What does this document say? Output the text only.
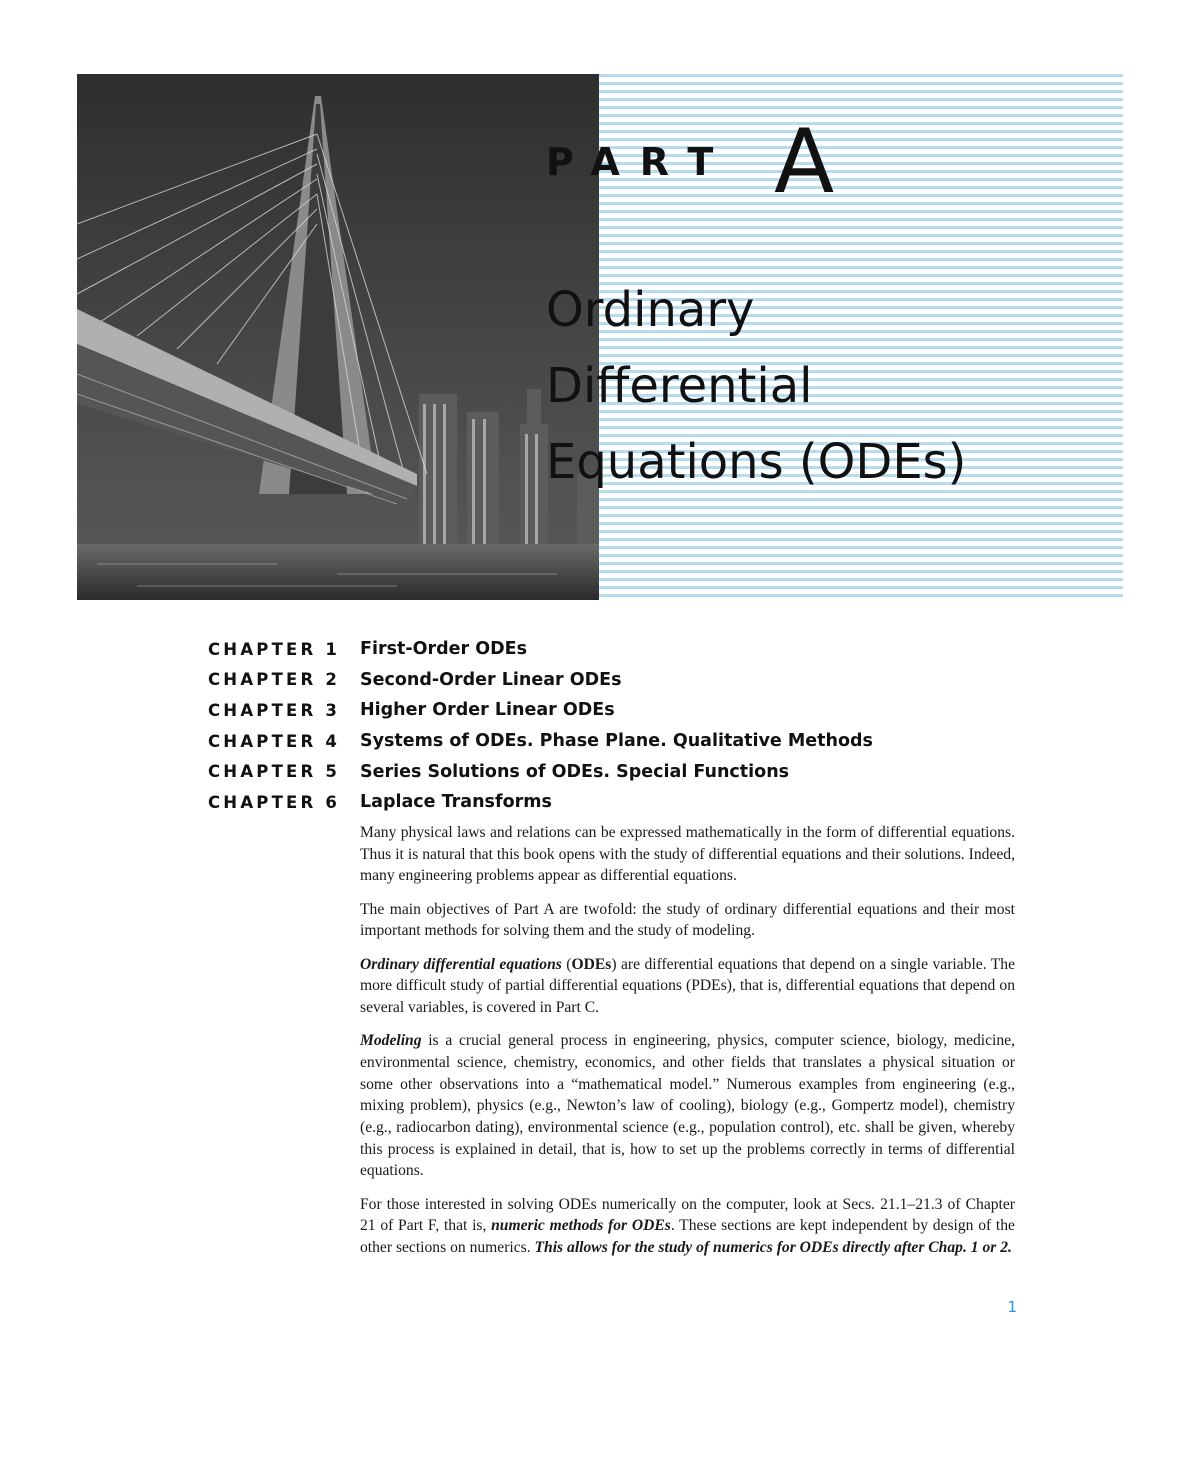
PART A
Ordinary
Differential
Equations (ODEs)
CHAPTER 1	First-Order ODEs
CHAPTER 2	Second-Order Linear ODEs
CHAPTER 3	Higher Order Linear ODEs
CHAPTER 4	Systems of ODEs. Phase Plane. Qualitative Methods
CHAPTER 5	Series Solutions of ODEs. Special Functions
CHAPTER 6	Laplace Transforms

Many physical laws and relations can be expressed mathematically in the form of differential equations. Thus it is natural that this book opens with the study of differential equations and their solutions. Indeed, many engineering problems appear as differential equations.

The main objectives of Part A are twofold: the study of ordinary differential equations and their most important methods for solving them and the study of modeling.

Ordinary differential equations (ODEs) are differential equations that depend on a single variable. The more difficult study of partial differential equations (PDEs), that is, differential equations that depend on several variables, is covered in Part C.

Modeling is a crucial general process in engineering, physics, computer science, biology, medicine, environmental science, chemistry, economics, and other fields that translates a physical situation or some other observations into a “mathematical model.” Numerous examples from engineering (e.g., mixing problem), physics (e.g., Newton’s law of cooling), biology (e.g., Gompertz model), chemistry (e.g., radiocarbon dating), environmental science (e.g., population control), etc. shall be given, whereby this process is explained in detail, that is, how to set up the problems correctly in terms of differential equations.

For those interested in solving ODEs numerically on the computer, look at Secs. 21.1–21.3 of Chapter 21 of Part F, that is, numeric methods for ODEs. These sections are kept independent by design of the other sections on numerics. This allows for the study of numerics for ODEs directly after Chap. 1 or 2.

1
